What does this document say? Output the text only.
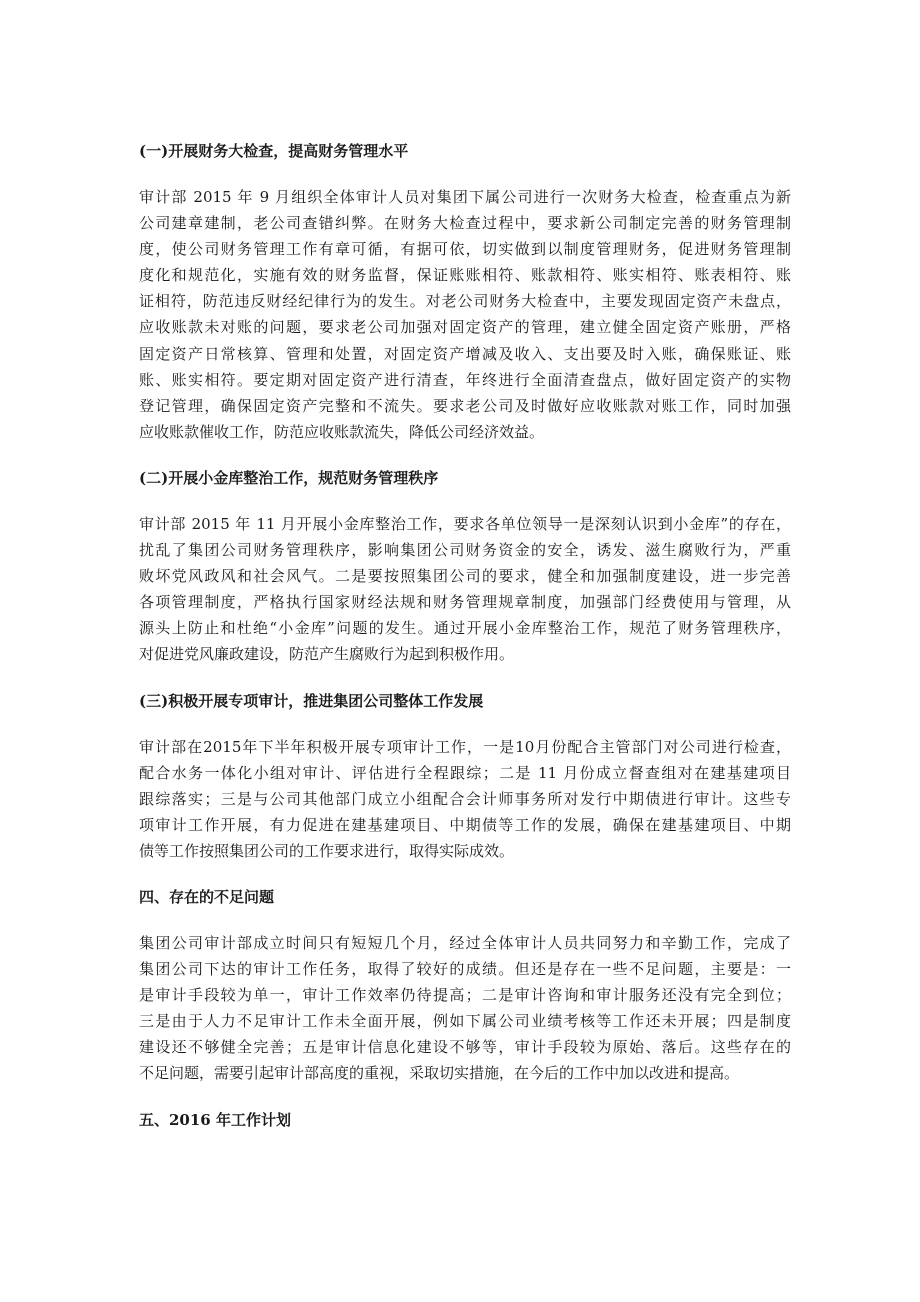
(一)开展财务大检查，提高财务管理水平

审计部 2015 年 9 月组织全体审计人员对集团下属公司进行一次财务大检查，检查重点为新
公司建章建制，老公司查错纠弊。在财务大检查过程中，要求新公司制定完善的财务管理制
度，使公司财务管理工作有章可循，有据可依，切实做到以制度管理财务，促进财务管理制
度化和规范化，实施有效的财务监督，保证账账相符、账款相符、账实相符、账表相符、账
证相符，防范违反财经纪律行为的发生。对老公司财务大检查中，主要发现固定资产未盘点，
应收账款未对账的问题，要求老公司加强对固定资产的管理，建立健全固定资产账册，严格
固定资产日常核算、管理和处置，对固定资产增减及收入、支出要及时入账，确保账证、账
账、账实相符。要定期对固定资产进行清查，年终进行全面清查盘点，做好固定资产的实物
登记管理，确保固定资产完整和不流失。要求老公司及时做好应收账款对账工作，同时加强
应收账款催收工作，防范应收账款流失，降低公司经济效益。

(二)开展小金库整治工作，规范财务管理秩序

审计部 2015 年 11 月开展小金库整治工作，要求各单位领导一是深刻认识到小金库”的存在，
扰乱了集团公司财务管理秩序，影响集团公司财务资金的安全，诱发、滋生腐败行为，严重
败坏党风政风和社会风气。二是要按照集团公司的要求，健全和加强制度建设，进一步完善
各项管理制度，严格执行国家财经法规和财务管理规章制度，加强部门经费使用与管理，从
源头上防止和杜绝“小金库”问题的发生。通过开展小金库整治工作，规范了财务管理秩序，
对促进党风廉政建设，防范产生腐败行为起到积极作用。

(三)积极开展专项审计，推进集团公司整体工作发展

审计部在2015年下半年积极开展专项审计工作，一是10月份配合主管部门对公司进行检查，
配合水务一体化小组对审计、评估进行全程跟综；二是 11 月份成立督查组对在建基建项目
跟综落实；三是与公司其他部门成立小组配合会计师事务所对发行中期债进行审计。这些专
项审计工作开展，有力促进在建基建项目、中期债等工作的发展，确保在建基建项目、中期
债等工作按照集团公司的工作要求进行，取得实际成效。

四、存在的不足问题

集团公司审计部成立时间只有短短几个月，经过全体审计人员共同努力和辛勤工作，完成了
集团公司下达的审计工作任务，取得了较好的成绩。但还是存在一些不足问题，主要是：一
是审计手段较为单一，审计工作效率仍待提高；二是审计咨询和审计服务还没有完全到位；
三是由于人力不足审计工作未全面开展，例如下属公司业绩考核等工作还未开展；四是制度
建设还不够健全完善；五是审计信息化建设不够等，审计手段较为原始、落后。这些存在的
不足问题，需要引起审计部高度的重视，采取切实措施，在今后的工作中加以改进和提高。

五、2016 年工作计划
